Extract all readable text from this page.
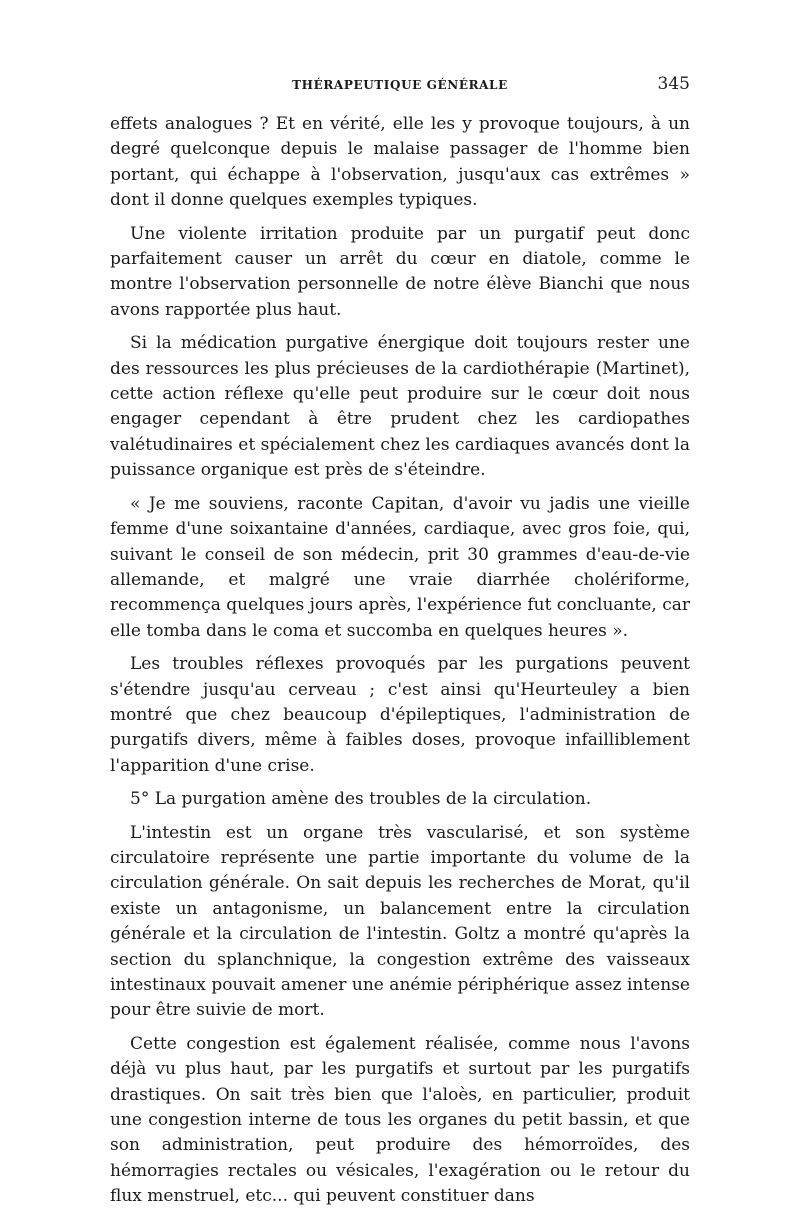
THÉRAPEUTIQUE GÉNÉRALE	345

effets analogues ? Et en vérité, elle les y provoque toujours, à un degré quelconque depuis le malaise passager de l'homme bien portant, qui échappe à l'observation, jusqu'aux cas extrêmes » dont il donne quelques exemples typiques.

Une violente irritation produite par un purgatif peut donc parfaitement causer un arrêt du cœur en diatole, comme le montre l'observation personnelle de notre élève Bianchi que nous avons rapportée plus haut.

Si la médication purgative énergique doit toujours rester une des ressources les plus précieuses de la cardiothérapie (Martinet), cette action réflexe qu'elle peut produire sur le cœur doit nous engager cependant à être prudent chez les cardiopathes valétudinaires et spécialement chez les cardiaques avancés dont la puissance organique est près de s'éteindre.

« Je me souviens, raconte Capitan, d'avoir vu jadis une vieille femme d'une soixantaine d'années, cardiaque, avec gros foie, qui, suivant le conseil de son médecin, prit 30 grammes d'eau-de-vie allemande, et malgré une vraie diarrhée cholériforme, recommença quelques jours après, l'expérience fut concluante, car elle tomba dans le coma et succomba en quelques heures ».

Les troubles réflexes provoqués par les purgations peuvent s'étendre jusqu'au cerveau ; c'est ainsi qu'Heurteuley a bien montré que chez beaucoup d'épileptiques, l'administration de purgatifs divers, même à faibles doses, provoque infailliblement l'apparition d'une crise.

5° La purgation amène des troubles de la circulation.

L'intestin est un organe très vascularisé, et son système circulatoire représente une partie importante du volume de la circulation générale. On sait depuis les recherches de Morat, qu'il existe un antagonisme, un balancement entre la circulation générale et la circulation de l'intestin. Goltz a montré qu'après la section du splanchnique, la congestion extrême des vaisseaux intestinaux pouvait amener une anémie périphérique assez intense pour être suivie de mort.

Cette congestion est également réalisée, comme nous l'avons déjà vu plus haut, par les purgatifs et surtout par les purgatifs drastiques. On sait très bien que l'aloès, en particulier, produit une congestion interne de tous les organes du petit bassin, et que son administration, peut produire des hémorroïdes, des hémorragies rectales ou vésicales, l'exagération ou le retour du flux menstruel, etc... qui peuvent constituer dans
